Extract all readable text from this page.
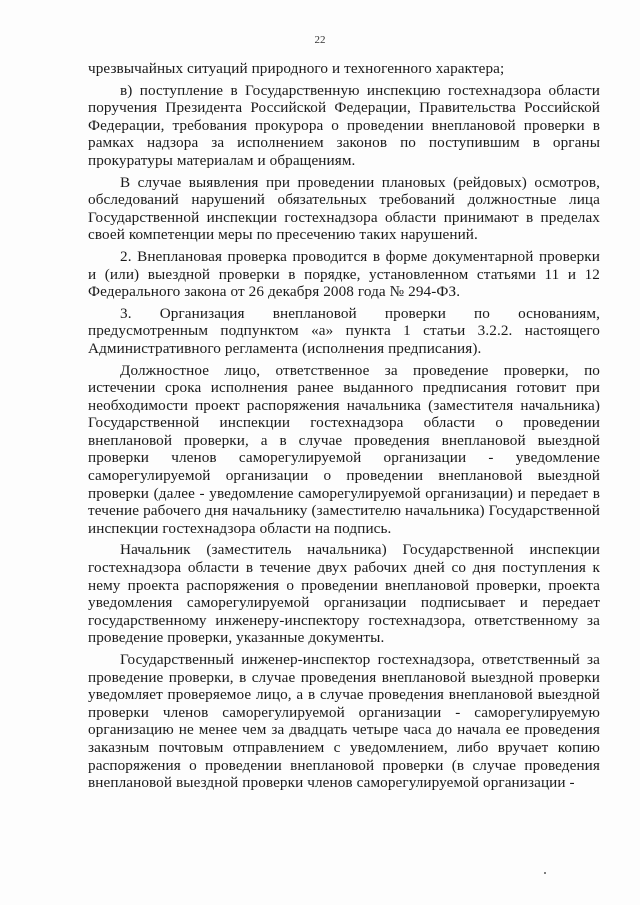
22

чрезвычайных ситуаций природного и техногенного характера;

в) поступление в Государственную инспекцию гостехнадзора области поручения Президента Российской Федерации, Правительства Российской Федерации, требования прокурора о проведении внеплановой проверки в рамках надзора за исполнением законов по поступившим в органы прокуратуры материалам и обращениям.

В случае выявления при проведении плановых (рейдовых) осмотров, обследований нарушений обязательных требований должностные лица Государственной инспекции гостехнадзора области принимают в пределах своей компетенции меры по пресечению таких нарушений.

2. Внеплановая проверка проводится в форме документарной проверки и (или) выездной проверки в порядке, установленном статьями 11 и 12 Федерального закона от 26 декабря 2008 года № 294-ФЗ.

3. Организация внеплановой проверки по основаниям, предусмотренным подпунктом «а» пункта 1 статьи 3.2.2. настоящего Административного регламента (исполнения предписания).

Должностное лицо, ответственное за проведение проверки, по истечении срока исполнения ранее выданного предписания готовит при необходимости проект распоряжения начальника (заместителя начальника) Государственной инспекции гостехнадзора области о проведении внеплановой проверки, а в случае проведения внеплановой выездной проверки членов саморегулируемой организации - уведомление саморегулируемой организации о проведении внеплановой выездной проверки (далее - уведомление саморегулируемой организации) и передает в течение рабочего дня начальнику (заместителю начальника) Государственной инспекции гостехнадзора области на подпись.

Начальник (заместитель начальника) Государственной инспекции гостехнадзора области в течение двух рабочих дней со дня поступления к нему проекта распоряжения о проведении внеплановой проверки, проекта уведомления саморегулируемой организации подписывает и передает государственному инженеру-инспектору гостехнадзора, ответственному за проведение проверки, указанные документы.

Государственный инженер-инспектор гостехнадзора, ответственный за проведение проверки, в случае проведения внеплановой выездной проверки уведомляет проверяемое лицо, а в случае проведения внеплановой выездной проверки членов саморегулируемой организации - саморегулируемую организацию не менее чем за двадцать четыре часа до начала ее проведения заказным почтовым отправлением с уведомлением, либо вручает копию распоряжения о проведении внеплановой проверки (в случае проведения внеплановой выездной проверки членов саморегулируемой организации -
